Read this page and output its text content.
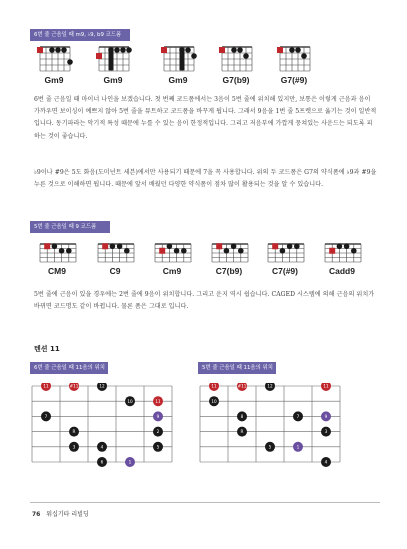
6번 줄 근음일 때 m9, ♭9, b9 코드폼
Gm9	Gm9	Gm9	G7(b9)	G7(#9)
6번 줄 근음일 때 마이너 나인을 보겠습니다. 첫 번째 코드폼에서는 3음이 5번 줄에 위치해 있지만, 보통은 이렇게 근음과 음이 가까우면 보이싱이 예쁘지 않아 5번 줄을 뮤트하고 코드폼을 바꾸게 됩니다. 그래서 9음을 1번 줄 5프렛으로 옮기는 것이 일반적입니다. 동기파라는 악기적 특성 때문에 누를 수 있는 음이 한정적입니다. 그리고 저음부에 가깝게 뭉쳐있는 사운드는 되도록 피하는 것이 좋습니다.
♭9이나 #9은 5도 화음(도미넌트 세븐)에서만 사용되기 때문에 7을 꼭 사용합니다. 위의 두 코드폼은 G7의 약식폼에 ♭9과 #9을 누른 것으로 이해하면 됩니다. 때문에 앞서 배웠던 다양한 약식폼이 점차 많이 활용되는 것을 알 수 있습니다.
5번 줄 근음일 때 9 코드폼
CM9	C9	Cm9	C7(b9)	C7(#9)	Cadd9
5번 줄에 근음이 있을 경우에는 2번 줄에 9음이 위치합니다. 그리고 운지 역시 쉽습니다. CAGED 시스템에 의해 근음의 위치가 바뀌면 코드명도 같이 바뀝니다. 물론 폼은 그대로 입니다.
텐션 11
6번 줄 근음일 때 11음의 위치	5번 줄 근음일 때 11음의 위치
11	#11	12
10	11
7	9
R	2
3	4	5
6	1
11	#11	12
10
11
8	7	9
R	3
5	1
4
76 워십기타 리빌딩
